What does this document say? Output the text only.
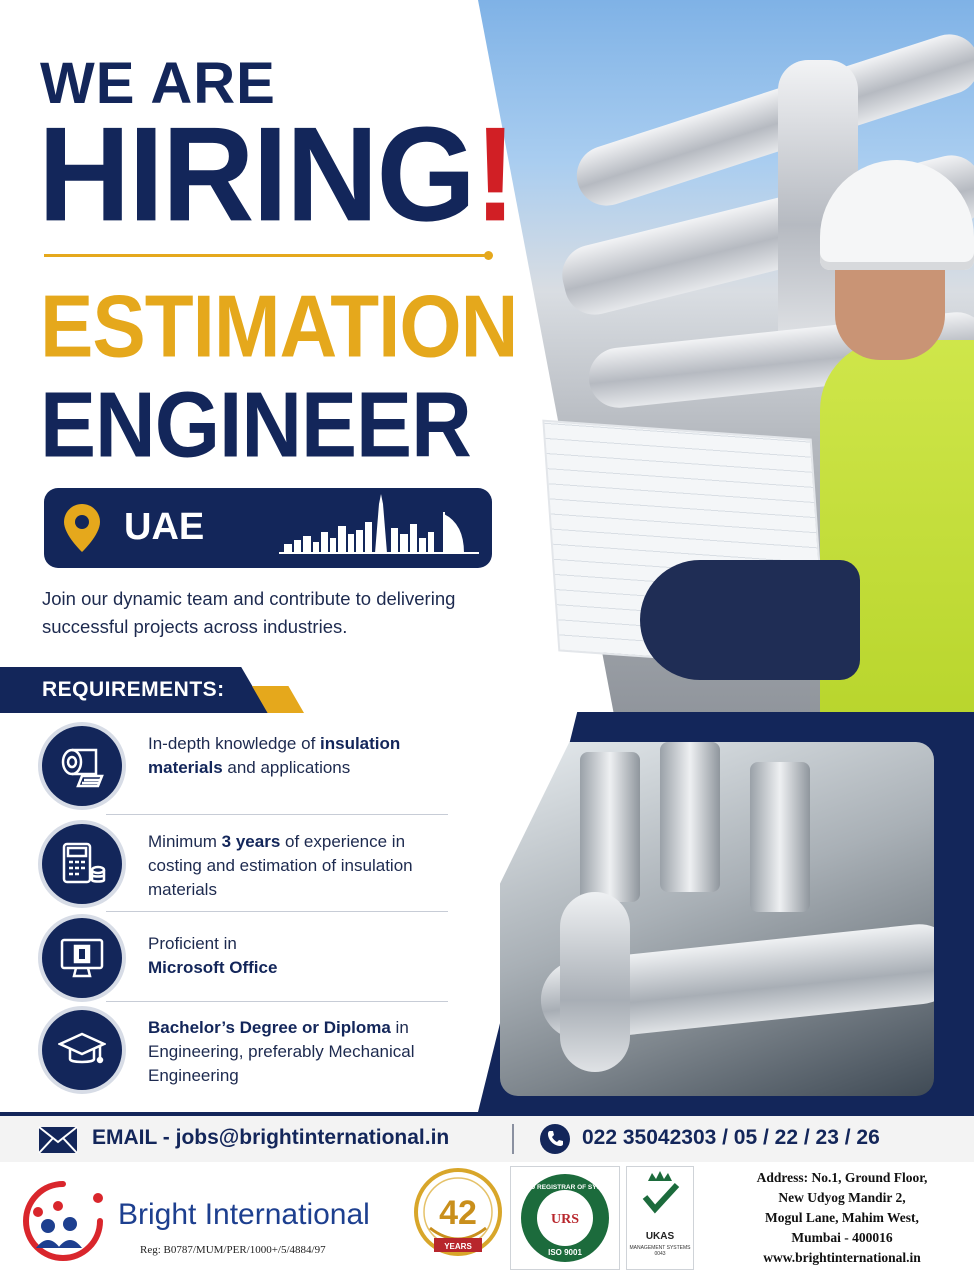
WE ARE
HIRING!
ESTIMATION
ENGINEER
UAE
Join our dynamic team and contribute to delivering successful projects across industries.
REQUIREMENTS:
In-depth knowledge of insulation materials and applications
Minimum 3 years of experience in costing and estimation of insulation materials
Proficient in
Microsoft Office
Bachelor’s Degree or Diploma in Engineering, preferably Mechanical Engineering
EMAIL - jobs@brightinternational.in	022 35042303 / 05 / 22 / 23 / 26
Bright International
Reg: B0787/MUM/PER/1000+/5/4884/97
42
YEARS
UNITED REGISTRAR OF SYSTEMS
URS
ISO 9001
UKAS
MANAGEMENT SYSTEMS
0043
Address: No.1, Ground Floor,
New Udyog Mandir 2,
Mogul Lane, Mahim West,
Mumbai - 400016
www.brightinternational.in
